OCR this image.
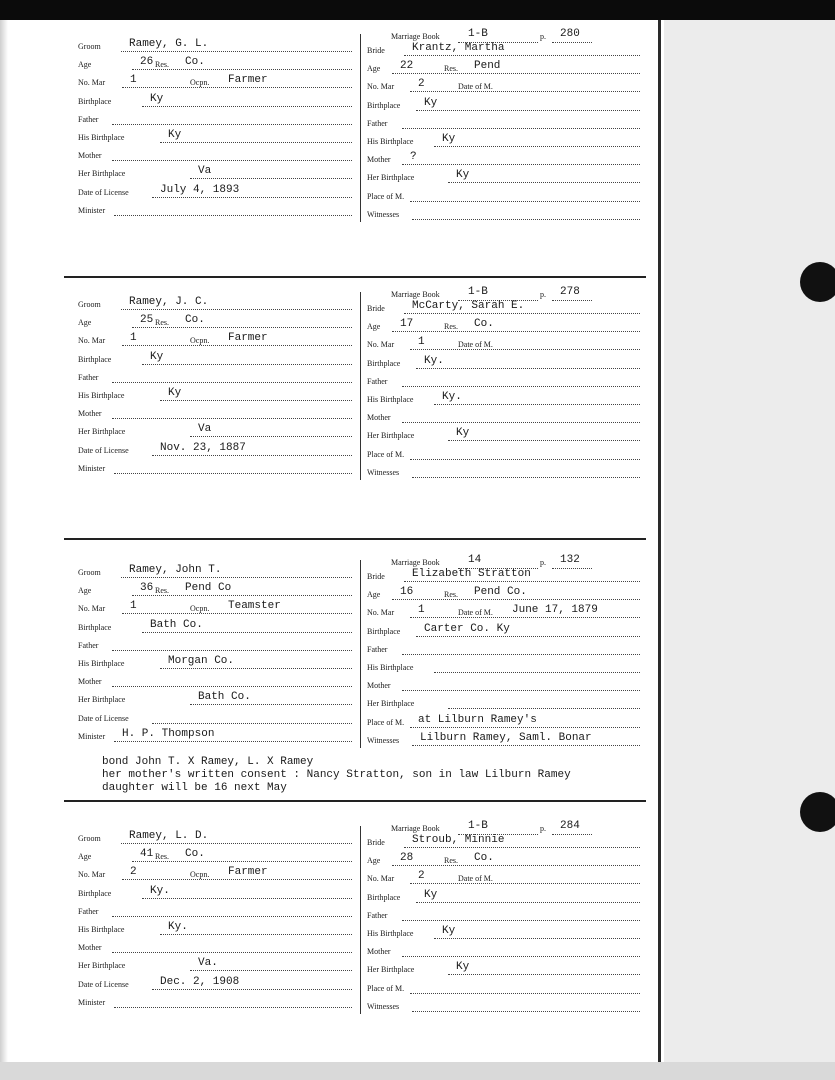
Marriage Book	1-B	p. 280
Groom	Ramey, G. L.
Age	26 Res. Co.
No. Mar 1	Ocpn. Farmer
Birthplace	Ky
Father
His Birthplace	Ky
Mother
Her Birthplace	Va
Date of License	July 4, 1893
Minister
Bride Krantz, Martha
Age 22	Res. Pend
No. Mar 2	Date of M.
Birthplace Ky
Father
His Birthplace	Ky
Mother ?
Her Birthplace	Ky
Place of M.
Witnesses
Marriage Book	1-B	p. 278
Groom	Ramey, J. C.
Age	25 Res. Co.
No. Mar 1	Ocpn. Farmer
Birthplace	Ky
Father
His Birthplace	Ky
Mother
Her Birthplace	Va
Date of License	Nov. 23, 1887
Minister
Bride McCarty, Sarah E.
Age 17	Res. Co.
No. Mar 1	Date of M.
Birthplace Ky.
Father
His Birthplace	Ky.
Mother
Her Birthplace	Ky
Place of M.
Witnesses
Marriage Book	14	p. 132
Groom	Ramey, John T.
Age	36 Res. Pend Co
No. Mar 1	Ocpn. Teamster
Birthplace	Bath Co.
Father
His Birthplace	Morgan Co.
Mother
Her Birthplace	Bath Co.
Date of License
Minister H. P. Thompson
Bride Elizabeth Stratton
Age 16	Res. Pend Co.
No. Mar 1	Date of M. June 17, 1879
Birthplace Carter Co. Ky
Father
His Birthplace
Mother
Her Birthplace
Place of M. at Lilburn Ramey's
Witnesses Lilburn Ramey, Saml. Bonar
bond John T. X Ramey, L. X Ramey
her mother's written consent : Nancy Stratton, son in law Lilburn Ramey
daughter will be 16 next May
Marriage Book	1-B	p. 284
Groom	Ramey, L. D.
Age	41 Res. Co.
No. Mar 2	Ocpn. Farmer
Birthplace	Ky.
Father
His Birthplace	Ky.
Mother
Her Birthplace	Va.
Date of License	Dec. 2, 1908
Minister
Bride Stroub, Minnie
Age 28	Res. Co.
No. Mar 2	Date of M.
Birthplace Ky
Father
His Birthplace	Ky
Mother
Her Birthplace	Ky
Place of M.
Witnesses
